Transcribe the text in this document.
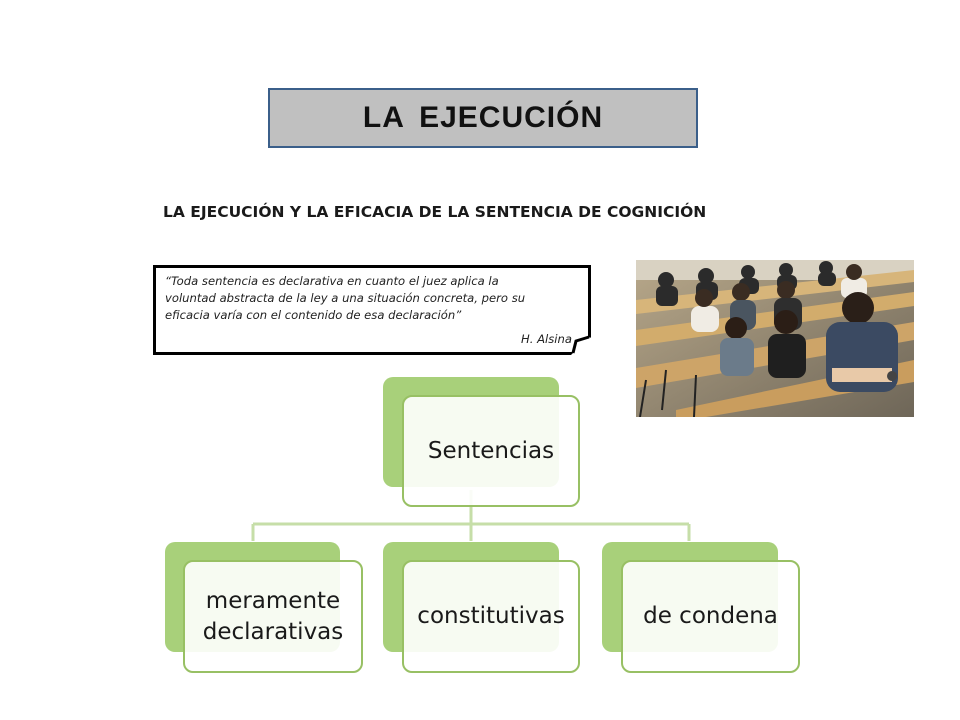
LA EJECUCIÓN
LA EJECUCIÓN Y LA EFICACIA DE LA SENTENCIA DE COGNICIÓN
“Toda sentencia es declarativa en cuanto el juez aplica la
voluntad abstracta de la ley a una situación concreta, pero su
eficacia varía con el contenido de esa declaración”
H. Alsina
Sentencias
meramente
declarativas
constitutivas	de condena
